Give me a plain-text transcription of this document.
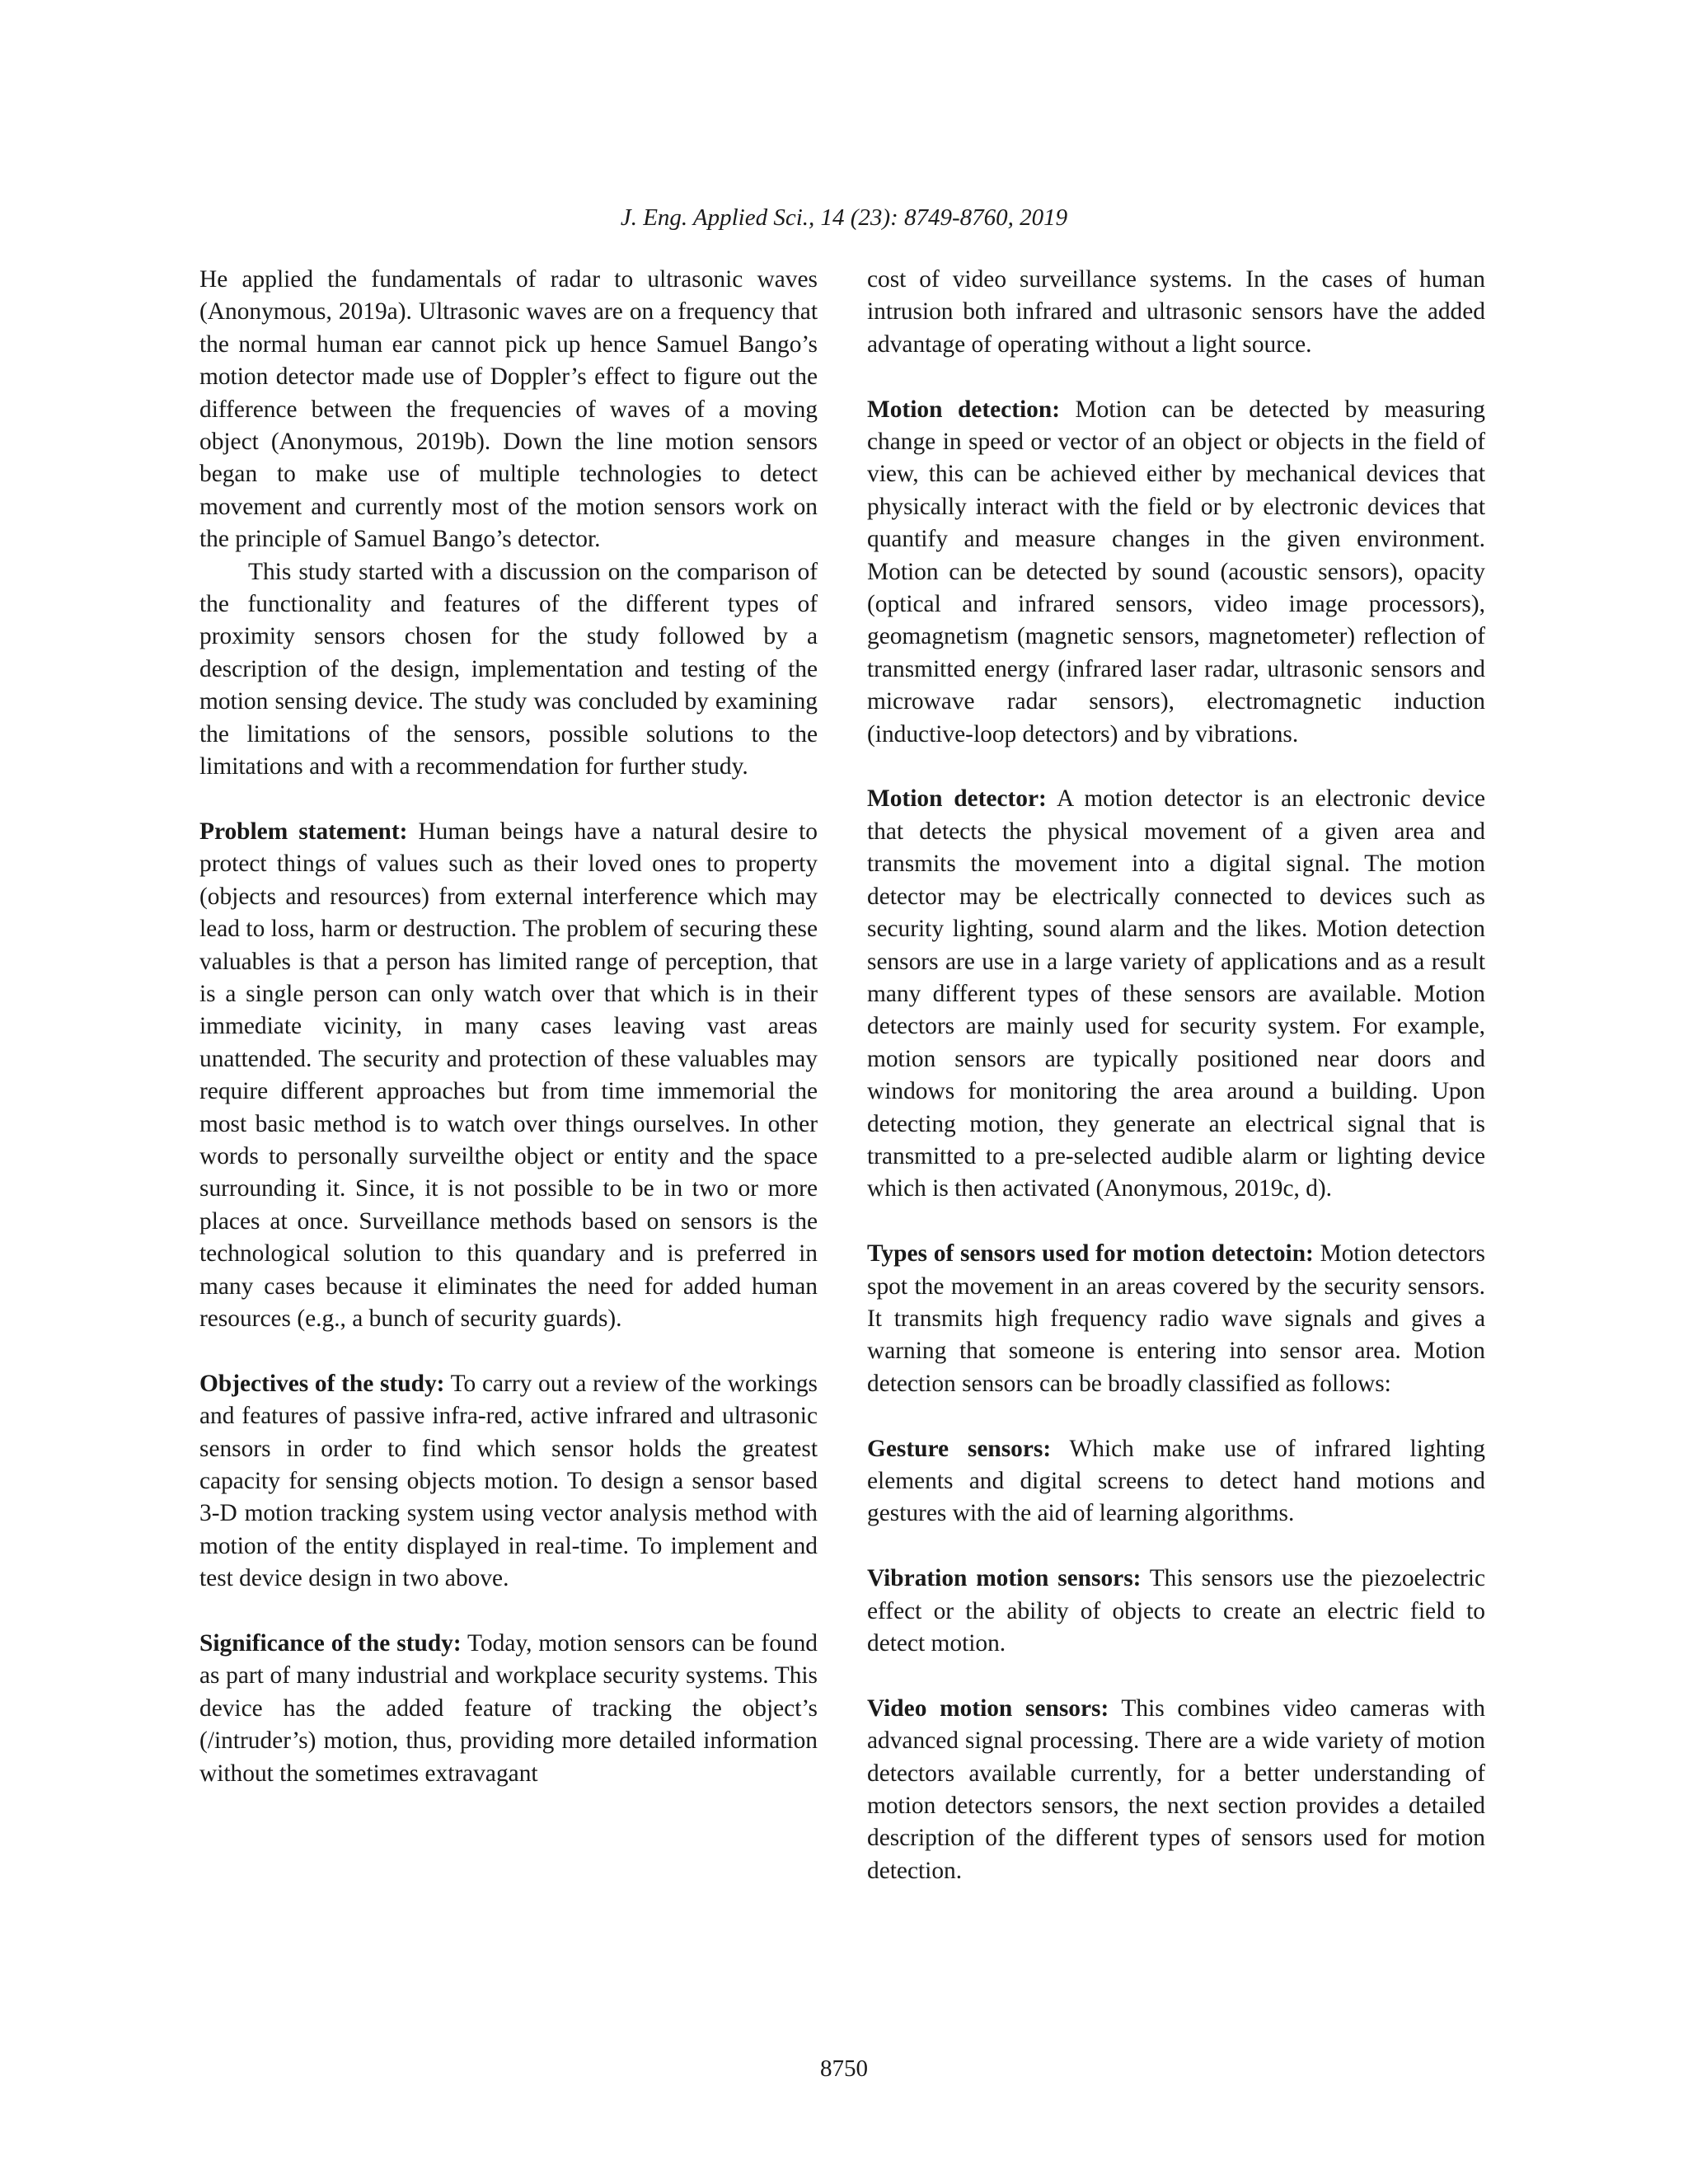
J. Eng. Applied Sci., 14 (23): 8749-8760, 2019

He applied the fundamentals of radar to ultrasonic waves (Anonymous, 2019a). Ultrasonic waves are on a frequency that the normal human ear cannot pick up hence Samuel Bango’s motion detector made use of Doppler’s effect to figure out the difference between the frequencies of waves of a moving object (Anonymous, 2019b). Down the line motion sensors began to make use of multiple technologies to detect movement and currently most of the motion sensors work on the principle of Samuel Bango’s detector.

This study started with a discussion on the comparison of the functionality and features of the different types of proximity sensors chosen for the study followed by a description of the design, implementation and testing of the motion sensing device. The study was concluded by examining the limitations of the sensors, possible solutions to the limitations and with a recommendation for further study.

Problem statement: Human beings have a natural desire to protect things of values such as their loved ones to property (objects and resources) from external interference which may lead to loss, harm or destruction. The problem of securing these valuables is that a person has limited range of perception, that is a single person can only watch over that which is in their immediate vicinity, in many cases leaving vast areas unattended. The security and protection of these valuables may require different approaches but from time immemorial the most basic method is to watch over things ourselves. In other words to personally surveilthe object or entity and the space surrounding it. Since, it is not possible to be in two or more places at once. Surveillance methods based on sensors is the technological solution to this quandary and is preferred in many cases because it eliminates the need for added human resources (e.g., a bunch of security guards).

Objectives of the study: To carry out a review of the workings and features of passive infra-red, active infrared and ultrasonic sensors in order to find which sensor holds the greatest capacity for sensing objects motion. To design a sensor based 3-D motion tracking system using vector analysis method with motion of the entity displayed in real-time. To implement and test device design in two above.

Significance of the study: Today, motion sensors can be found as part of many industrial and workplace security systems. This device has the added feature of tracking the object’s (/intruder’s) motion, thus, providing more detailed information without the sometimes extravagant

cost of video surveillance systems. In the cases of human intrusion both infrared and ultrasonic sensors have the added advantage of operating without a light source.

Motion detection: Motion can be detected by measuring change in speed or vector of an object or objects in the field of view, this can be achieved either by mechanical devices that physically interact with the field or by electronic devices that quantify and measure changes in the given environment. Motion can be detected by sound (acoustic sensors), opacity (optical and infrared sensors, video image processors), geomagnetism (magnetic sensors, magnetometer) reflection of transmitted energy (infrared laser radar, ultrasonic sensors and microwave radar sensors), electromagnetic induction (inductive-loop detectors) and by vibrations.

Motion detector: A motion detector is an electronic device that detects the physical movement of a given area and transmits the movement into a digital signal. The motion detector may be electrically connected to devices such as security lighting, sound alarm and the likes. Motion detection sensors are use in a large variety of applications and as a result many different types of these sensors are available. Motion detectors are mainly used for security system. For example, motion sensors are typically positioned near doors and windows for monitoring the area around a building. Upon detecting motion, they generate an electrical signal that is transmitted to a pre-selected audible alarm or lighting device which is then activated (Anonymous, 2019c, d).

Types of sensors used for motion detectoin: Motion detectors spot the movement in an areas covered by the security sensors. It transmits high frequency radio wave signals and gives a warning that someone is entering into sensor area. Motion detection sensors can be broadly classified as follows:

Gesture sensors: Which make use of infrared lighting elements and digital screens to detect hand motions and gestures with the aid of learning algorithms.

Vibration motion sensors: This sensors use the piezoelectric effect or the ability of objects to create an electric field to detect motion.

Video motion sensors: This combines video cameras with advanced signal processing. There are a wide variety of motion detectors available currently, for a better understanding of motion detectors sensors, the next section provides a detailed description of the different types of sensors used for motion detection.

8750
